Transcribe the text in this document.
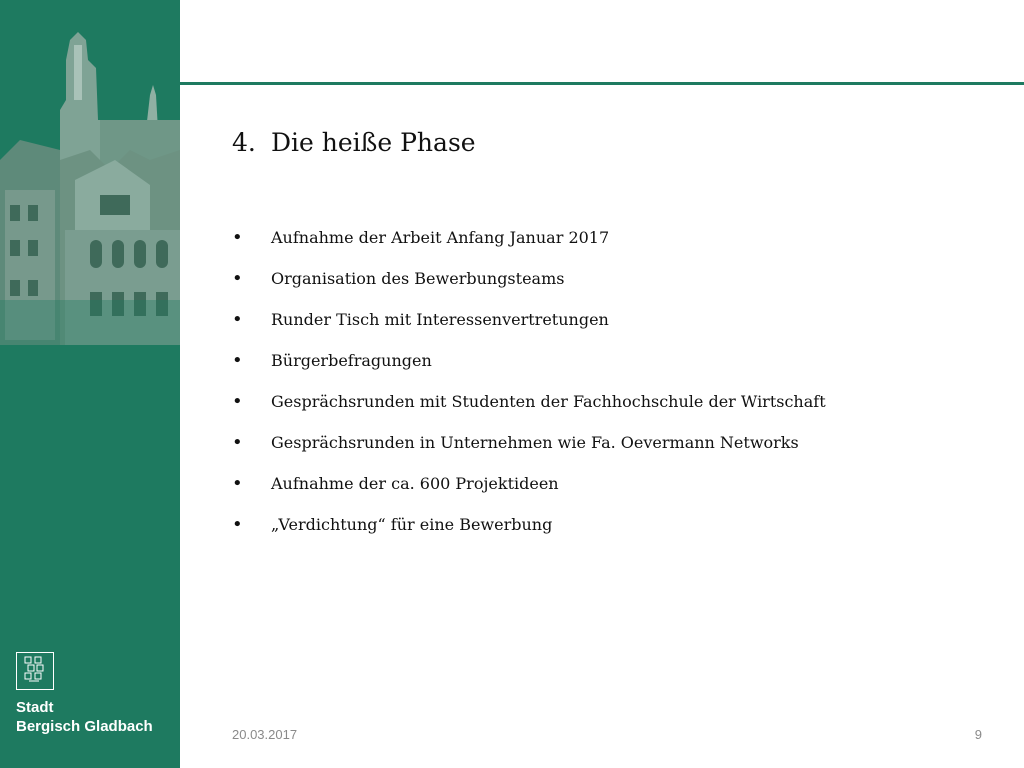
Stadt
Bergisch Gladbach
4. Die heiße Phase
•	Aufnahme der Arbeit Anfang Januar 2017
•	Organisation des Bewerbungsteams
•	Runder Tisch mit Interessenvertretungen
•	Bürgerbefragungen
•	Gesprächsrunden mit Studenten der Fachhochschule der Wirtschaft
•	Gesprächsrunden in Unternehmen wie Fa. Oevermann Networks
•	Aufnahme der ca. 600 Projektideen
•	„Verdichtung“ für eine Bewerbung
20.03.2017	9
